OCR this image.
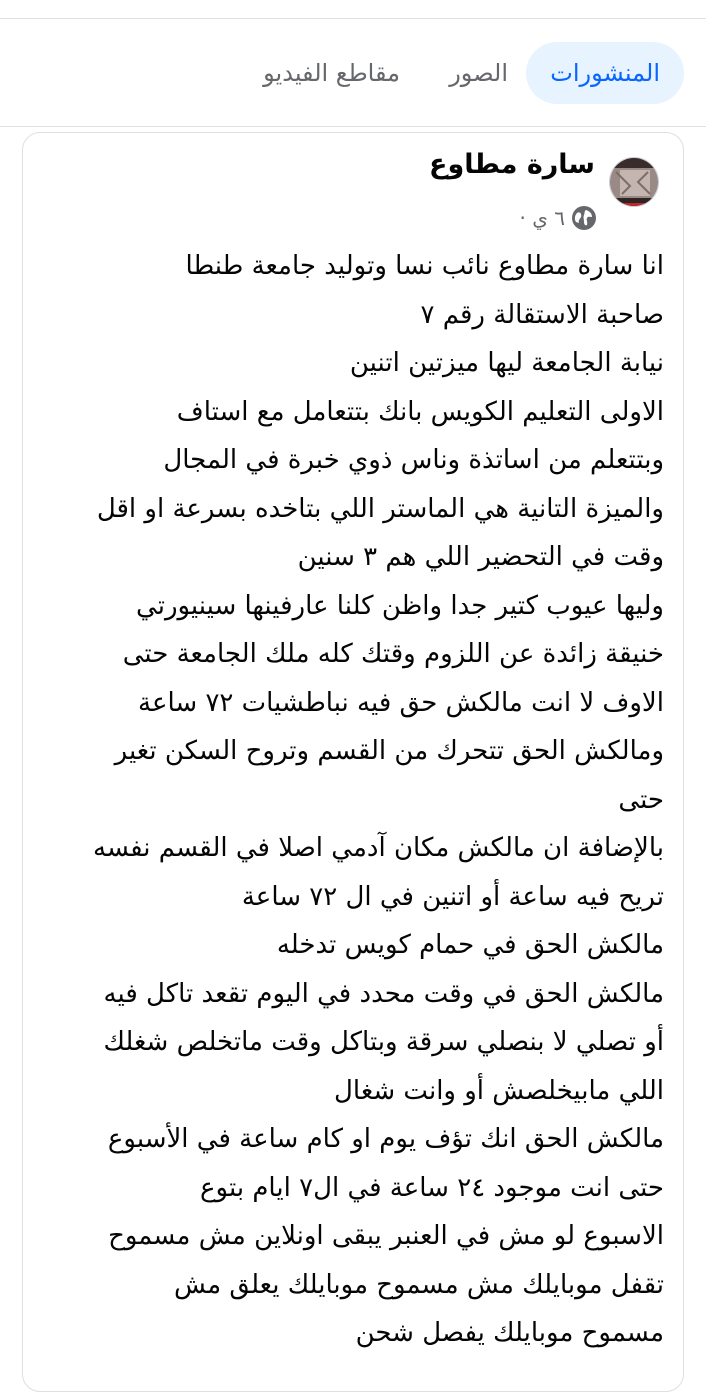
المنشورات
الصور
مقاطع الفيديو
سارة مطاوع
٦ ي ·
انا سارة مطاوع نائب نسا وتوليد جامعة طنطا
صاحبة الاستقالة رقم ٧
نيابة الجامعة ليها ميزتين اتنين
الاولى التعليم الكويس بانك بتتعامل مع استاف
وبتتعلم من اساتذة وناس ذوي خبرة في المجال
والميزة التانية هي الماستر اللي بتاخده بسرعة او اقل
وقت في التحضير اللي هم ٣ سنين
وليها عيوب كتير جدا واظن كلنا عارفينها سينيورتي
خنيقة زائدة عن اللزوم وقتك كله ملك الجامعة حتى
الاوف لا انت مالكش حق فيه نباطشيات ٧٢ ساعة
ومالكش الحق تتحرك من القسم وتروح السكن تغير
حتى
بالإضافة ان مالكش مكان آدمي اصلا في القسم نفسه
تريح فيه ساعة أو اتنين في ال ٧٢ ساعة
مالكش الحق في حمام كويس تدخله
مالكش الحق في وقت محدد في اليوم تقعد تاكل فيه
أو تصلي لا بنصلي سرقة وبتاكل وقت ماتخلص شغلك
اللي مابيخلصش أو وانت شغال
مالكش الحق انك تؤف يوم او كام ساعة في الأسبوع
حتى انت موجود ٢٤ ساعة في ال٧ ايام بتوع
الاسبوع لو مش في العنبر يبقى اونلاين مش مسموح
تقفل موبايلك مش مسموح موبايلك يعلق مش
مسموح موبايلك يفصل شحن
